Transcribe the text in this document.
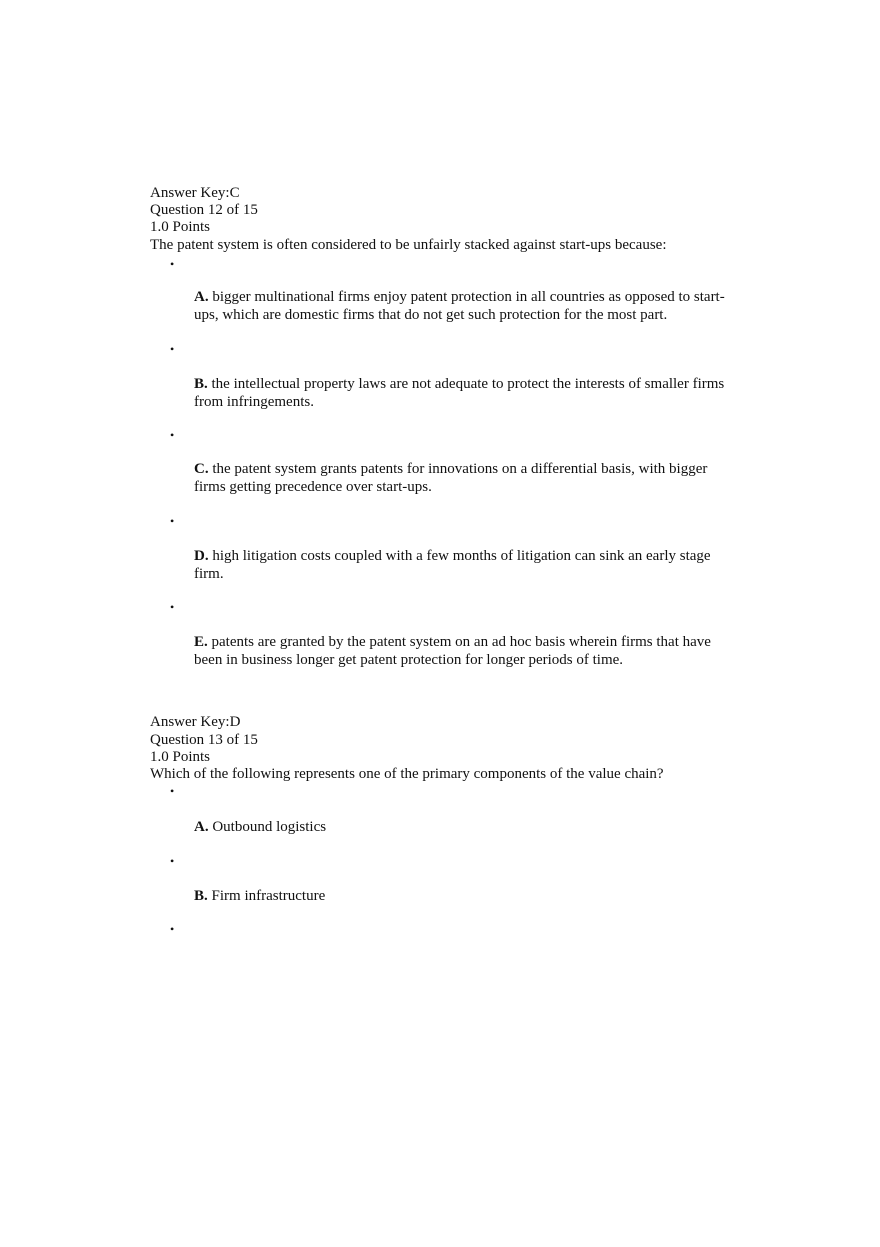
Answer Key:C
Question 12 of 15
1.0 Points
The patent system is often considered to be unfairly stacked against start-ups because:
•
A. bigger multinational firms enjoy patent protection in all countries as opposed to start-
ups, which are domestic firms that do not get such protection for the most part.
•
B. the intellectual property laws are not adequate to protect the interests of smaller firms
from infringements.
•
C. the patent system grants patents for innovations on a differential basis, with bigger
firms getting precedence over start-ups.
•
D. high litigation costs coupled with a few months of litigation can sink an early stage
firm.
•
E. patents are granted by the patent system on an ad hoc basis wherein firms that have
been in business longer get patent protection for longer periods of time.
Answer Key:D
Question 13 of 15
1.0 Points
Which of the following represents one of the primary components of the value chain?
•
A. Outbound logistics
•
B. Firm infrastructure
•
